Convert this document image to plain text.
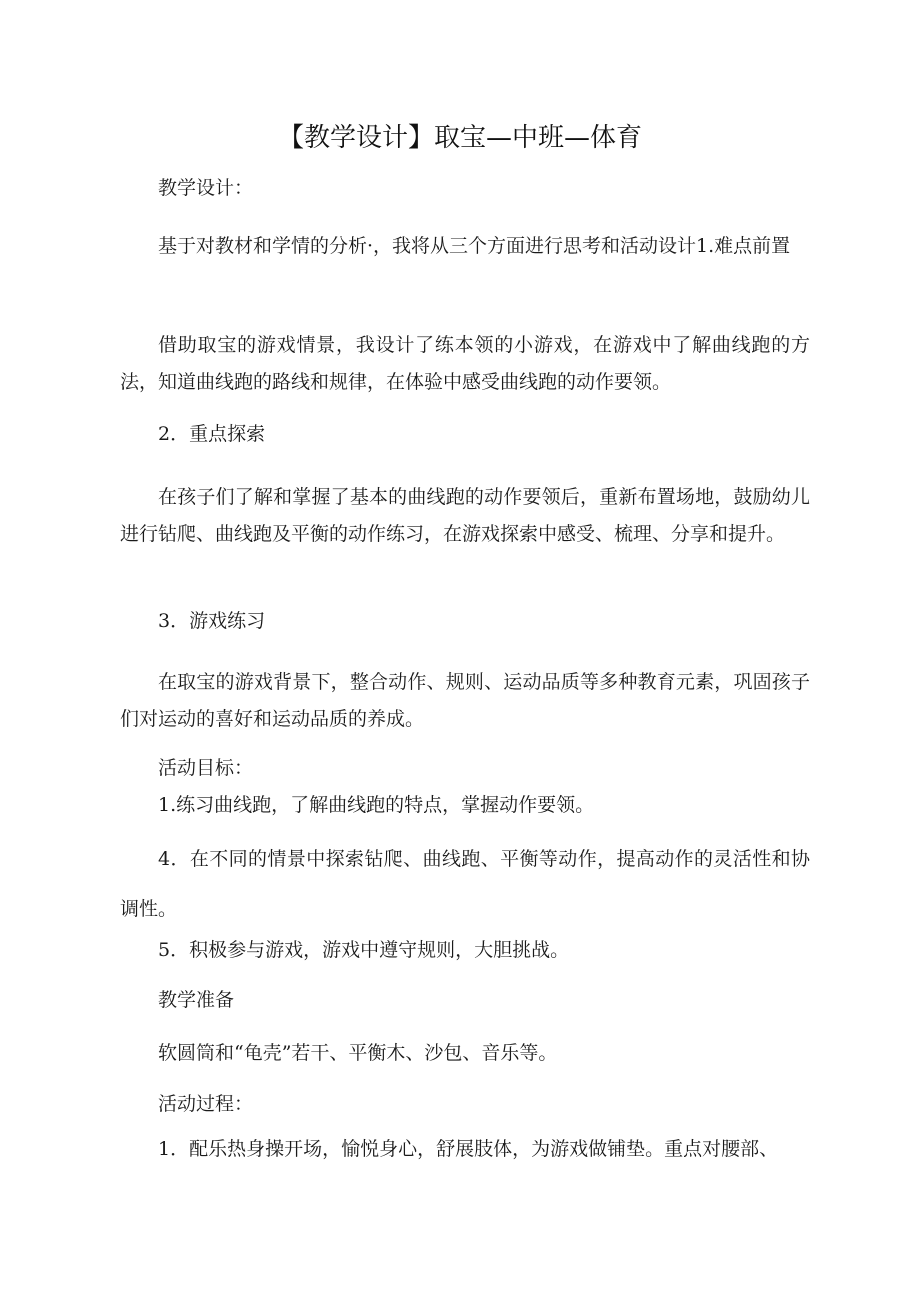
【教学设计】取宝—中班—体育
教学设计：
基于对教材和学情的分析·，我将从三个方面进行思考和活动设计1.难点前置
借助取宝的游戏情景，我设计了练本领的小游戏，在游戏中了解曲线跑的方法，知道曲线跑的路线和规律，在体验中感受曲线跑的动作要领。
2．重点探索
在孩子们了解和掌握了基本的曲线跑的动作要领后，重新布置场地，鼓励幼儿进行钻爬、曲线跑及平衡的动作练习，在游戏探索中感受、梳理、分享和提升。
3．游戏练习
在取宝的游戏背景下，整合动作、规则、运动品质等多种教育元素，巩固孩子们对运动的喜好和运动品质的养成。
活动目标：
1.练习曲线跑，了解曲线跑的特点，掌握动作要领。
4．在不同的情景中探索钻爬、曲线跑、平衡等动作，提高动作的灵活性和协调性。
5．积极参与游戏，游戏中遵守规则，大胆挑战。
教学准备
软圆筒和“龟壳”若干、平衡木、沙包、音乐等。
活动过程：
1．配乐热身操开场，愉悦身心，舒展肢体，为游戏做铺垫。重点对腰部、
